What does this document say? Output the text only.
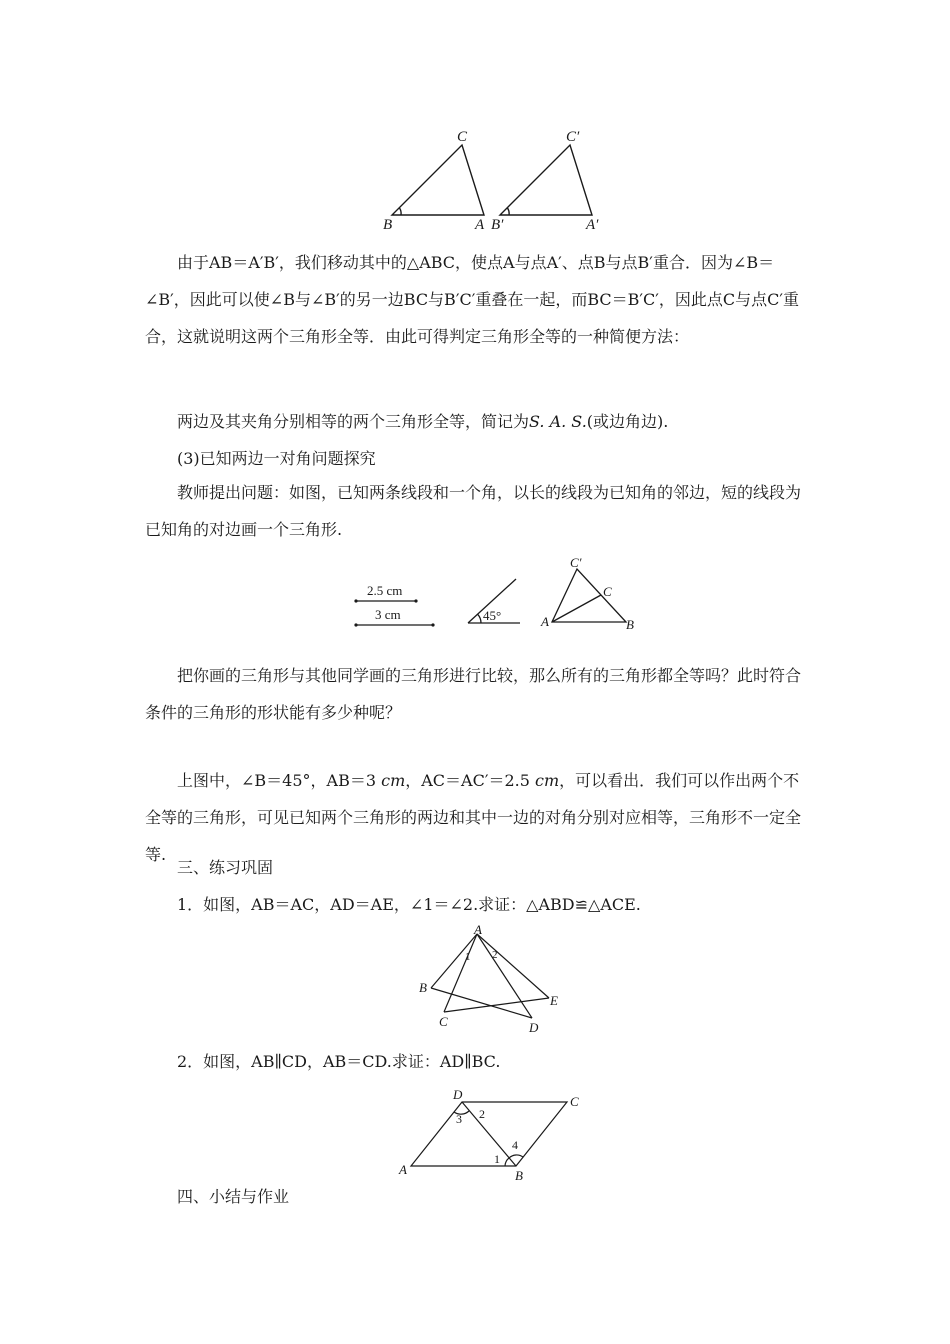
C
B	A
C′
B′	A′

由于AB＝A′B′，我们移动其中的△ABC，使点A与点A′、点B与点B′重合．因为∠B＝∠B′，因此可以使∠B与∠B′的另一边BC与B′C′重叠在一起，而BC＝B′C′，因此点C与点C′重合，这就说明这两个三角形全等．由此可得判定三角形全等的一种简便方法：

两边及其夹角分别相等的两个三角形全等，简记为S. A. S.(或边角边).
(3)已知两边一对角问题探究

教师提出问题：如图，已知两条线段和一个角，以长的线段为已知角的邻边，短的线段为已知角的对边画一个三角形.

2.5 cm
3 cm	45°
C′
C
A	B

把你画的三角形与其他同学画的三角形进行比较，那么所有的三角形都全等吗？此时符合条件的三角形的形状能有多少种呢？

上图中，∠B＝45°，AB＝3 cm，AC＝AC′＝2.5 cm，可以看出．我们可以作出两个不全等的三角形，可见已知两个三角形的两边和其中一边的对角分别对应相等，三角形不一定全等.

三、练习巩固
1．如图，AB＝AC，AD＝AE，∠1＝∠2.求证：△ABD≌△ACE.
A
B
C	D
E
1 2
2．如图，AB∥CD，AB＝CD.求证：AD∥BC.
A	B
C
D
1
2
3
4
四、小结与作业
